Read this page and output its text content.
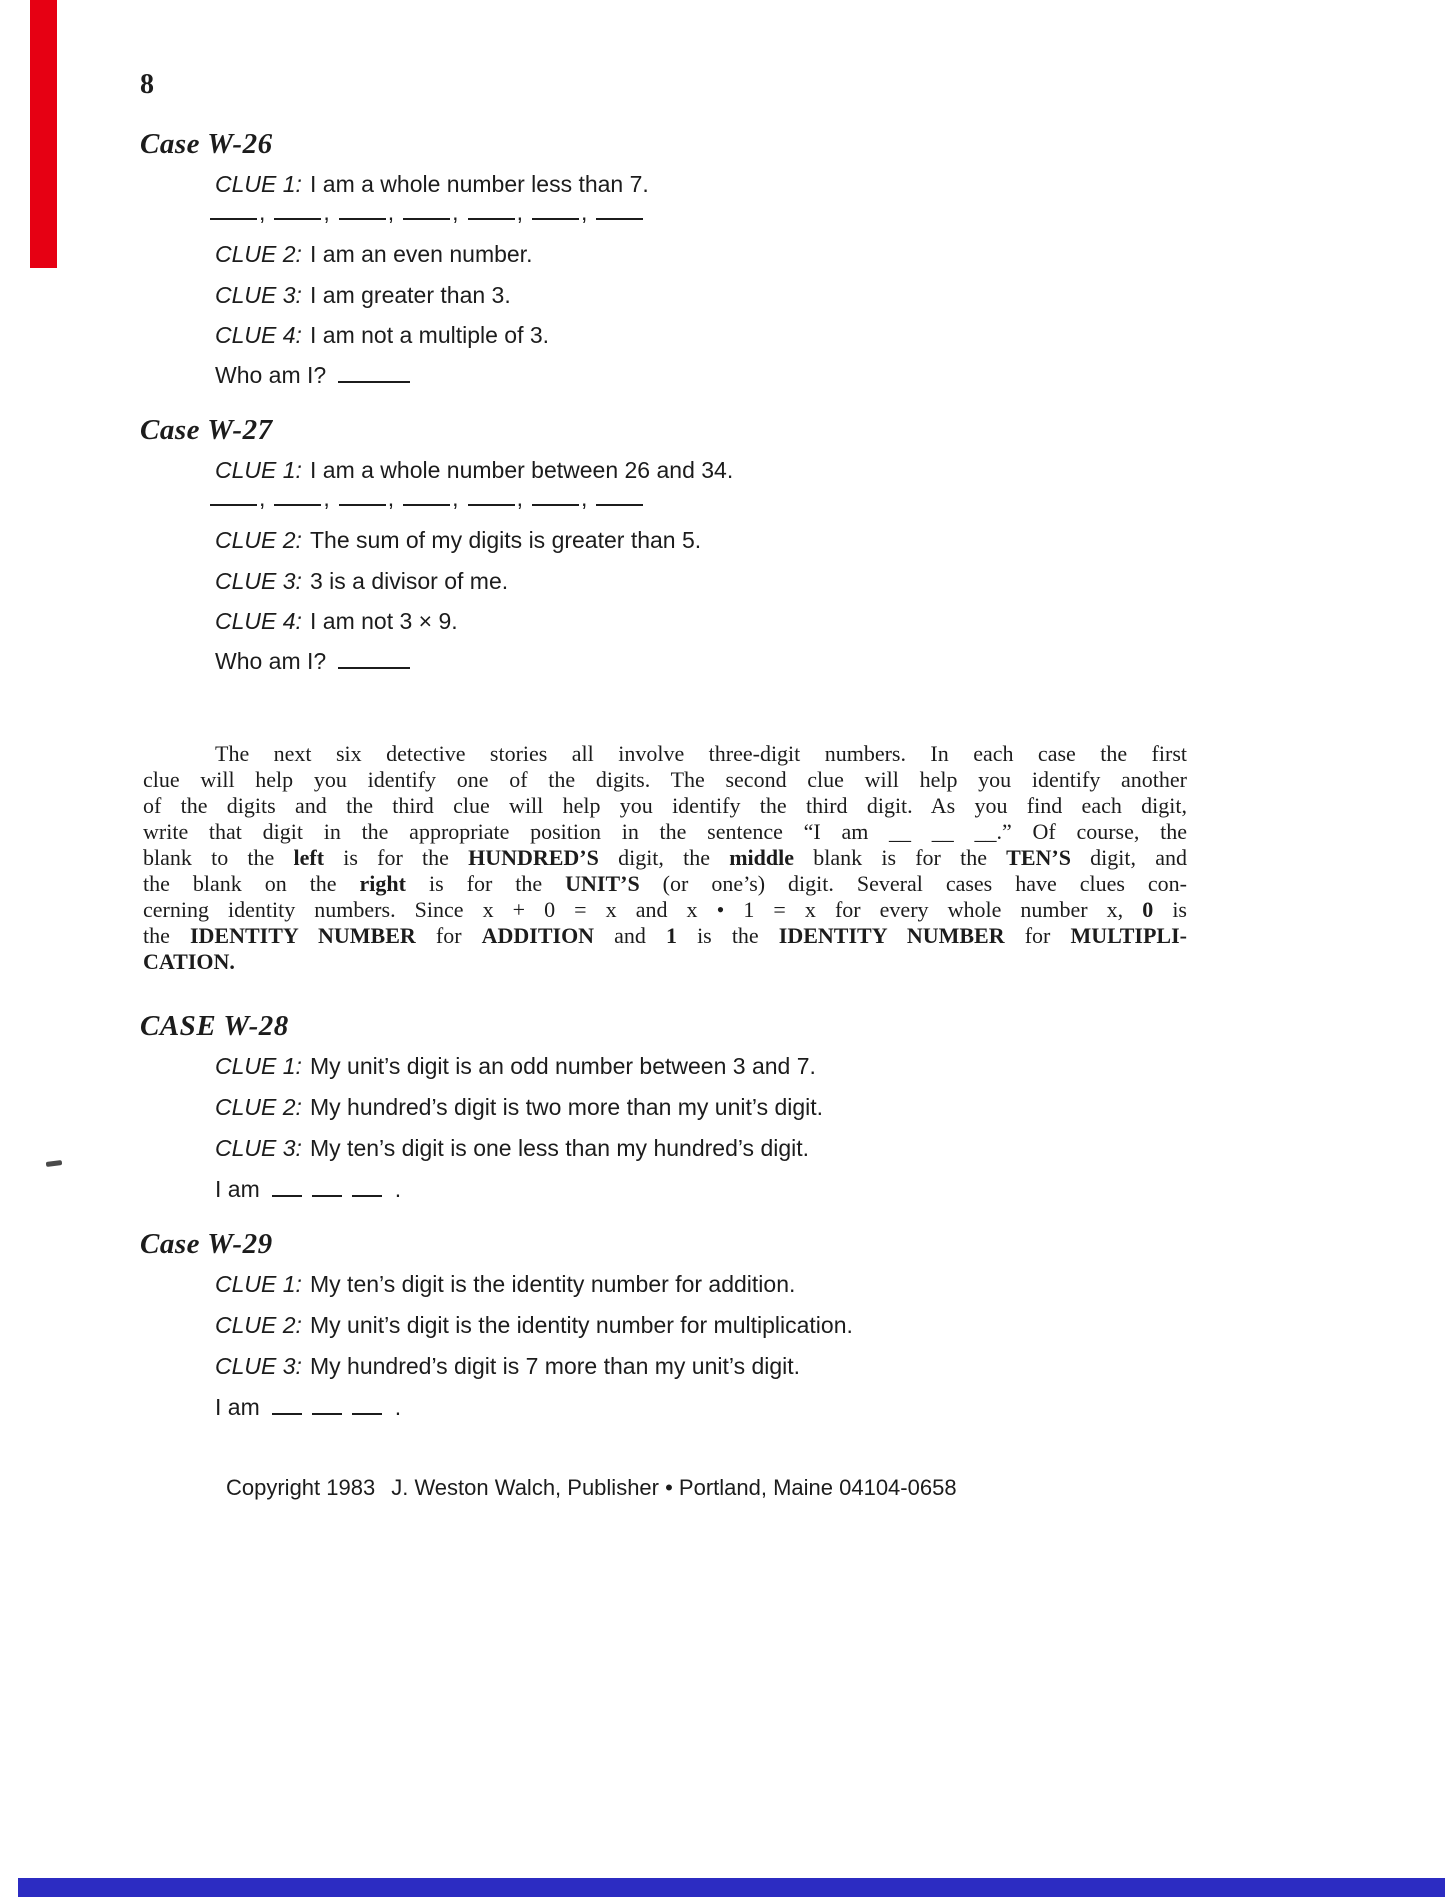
8
Case W-26
CLUE 1: I am a whole number less than 7.
,	,	,	,	,	,
CLUE 2: I am an even number.
CLUE 3: I am greater than 3.
CLUE 4: I am not a multiple of 3.
Who am I?
Case W-27
CLUE 1: I am a whole number between 26 and 34.
,	,	,	,	,	,
CLUE 2: The sum of my digits is greater than 5.
CLUE 3: 3 is a divisor of me.
CLUE 4: I am not 3 × 9.
Who am I?
The next six detective stories all involve three-digit numbers. In each case the first
clue will help you identify one of the digits. The second clue will help you identify another
of the digits and the third clue will help you identify the third digit. As you find each digit,
write that digit in the appropriate position in the sentence “I am __ __ __.” Of course, the
blank to the left is for the HUNDRED’S digit, the middle blank is for the TEN’S digit, and
the blank on the right is for the UNIT’S (or one’s) digit. Several cases have clues con-
cerning identity numbers. Since x + 0 = x and x • 1 = x for every whole number x, 0 is
the IDENTITY NUMBER for ADDITION and 1 is the IDENTITY NUMBER for MULTIPLI-
CATION.
CASE W-28
CLUE 1: My unit’s digit is an odd number between 3 and 7.
CLUE 2: My hundred’s digit is two more than my unit’s digit.
CLUE 3: My ten’s digit is one less than my hundred’s digit.
I am	.
Case W-29
CLUE 1: My ten’s digit is the identity number for addition.
CLUE 2: My unit’s digit is the identity number for multiplication.
CLUE 3: My hundred’s digit is 7 more than my unit’s digit.
I am	.
Copyright 1983 J. Weston Walch, Publisher • Portland, Maine 04104-0658
